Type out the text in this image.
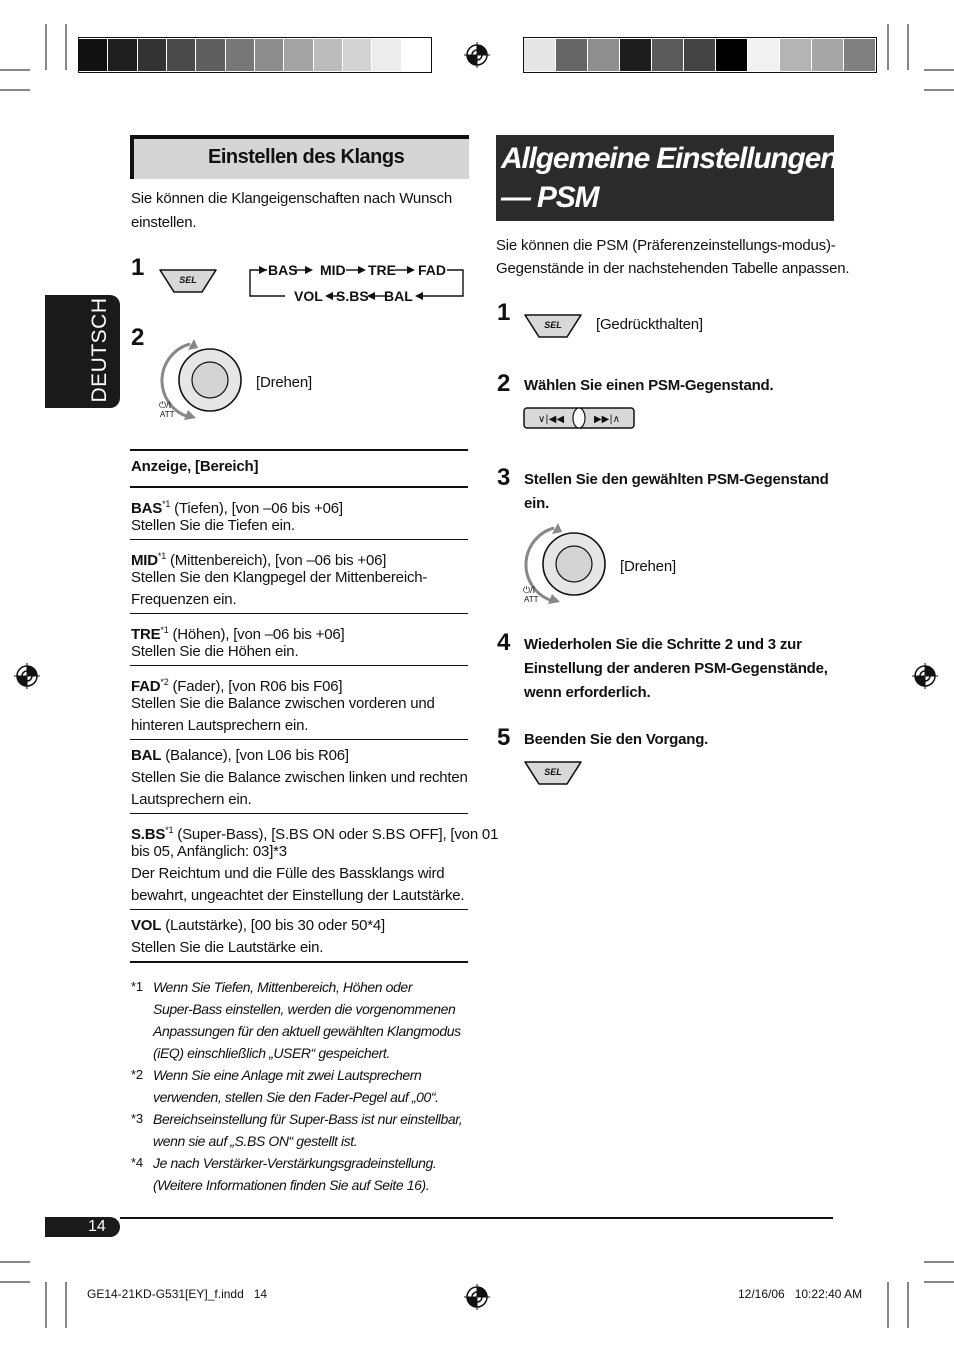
DEUTSCH
Einstellen des Klangs
Sie können die Klangeigenschaften nach Wunsch
einstellen.
1	SEL
BAS MID TRE FAD
VOL S.BS BAL
2
⏻/I
ATT
[Drehen]
Anzeige, [Bereich]
BAS$^{*1}$ (Tiefen), [von –06 bis +06]
Stellen Sie die Tiefen ein.
MID$^{*1}$ (Mittenbereich), [von –06 bis +06]
Stellen Sie den Klangpegel der Mittenbereich-
Frequenzen ein.
TRE$^{*1}$ (Höhen), [von –06 bis +06]
Stellen Sie die Höhen ein.
FAD$^{*2}$ (Fader), [von R06 bis F06]
Stellen Sie die Balance zwischen vorderen und
hinteren Lautsprechern ein.
BAL (Balance), [von L06 bis R06]
Stellen Sie die Balance zwischen linken und rechten
Lautsprechern ein.
S.BS$^{*1}$ (Super-Bass), [S.BS ON oder S.BS OFF], [von 01
bis 05, Anfänglich: 03]*3
Der Reichtum und die Fülle des Bassklangs wird
bewahrt, ungeachtet der Einstellung der Lautstärke.
VOL (Lautstärke), [00 bis 30 oder 50*4]
Stellen Sie die Lautstärke ein.
*1 Wenn Sie Tiefen, Mittenbereich, Höhen oder
Super-Bass einstellen, werden die vorgenommenen
Anpassungen für den aktuell gewählten Klangmodus
(iEQ) einschließlich „USER“ gespeichert.
*2 Wenn Sie eine Anlage mit zwei Lautsprechern
verwenden, stellen Sie den Fader-Pegel auf „00“.
*3 Bereichseinstellung für Super-Bass ist nur einstellbar,
wenn sie auf „S.BS ON“ gestellt ist.
*4 Je nach Verstärker-Verstärkungsgradeinstellung.
(Weitere Informationen finden Sie auf Seite 16).
14
GE14-21KD-G531[EY]_f.indd   14	12/16/06   10:22:40 AM
Allgemeine Einstellungen
— PSM
Sie können die PSM (Präferenzeinstellungs-modus)-
Gegenstände in der nachstehenden Tabelle anpassen.
1	SEL [Gedrückthalten]
2 Wählen Sie einen PSM-Gegenstand.
∨|◀◀	▶▶|∧
3 Stellen Sie den gewählten PSM-Gegenstand
ein.
⏻/I
ATT
[Drehen]
4 Wiederholen Sie die Schritte 2 und 3 zur
Einstellung der anderen PSM-Gegenstände,
wenn erforderlich.
5 Beenden Sie den Vorgang.
SEL
